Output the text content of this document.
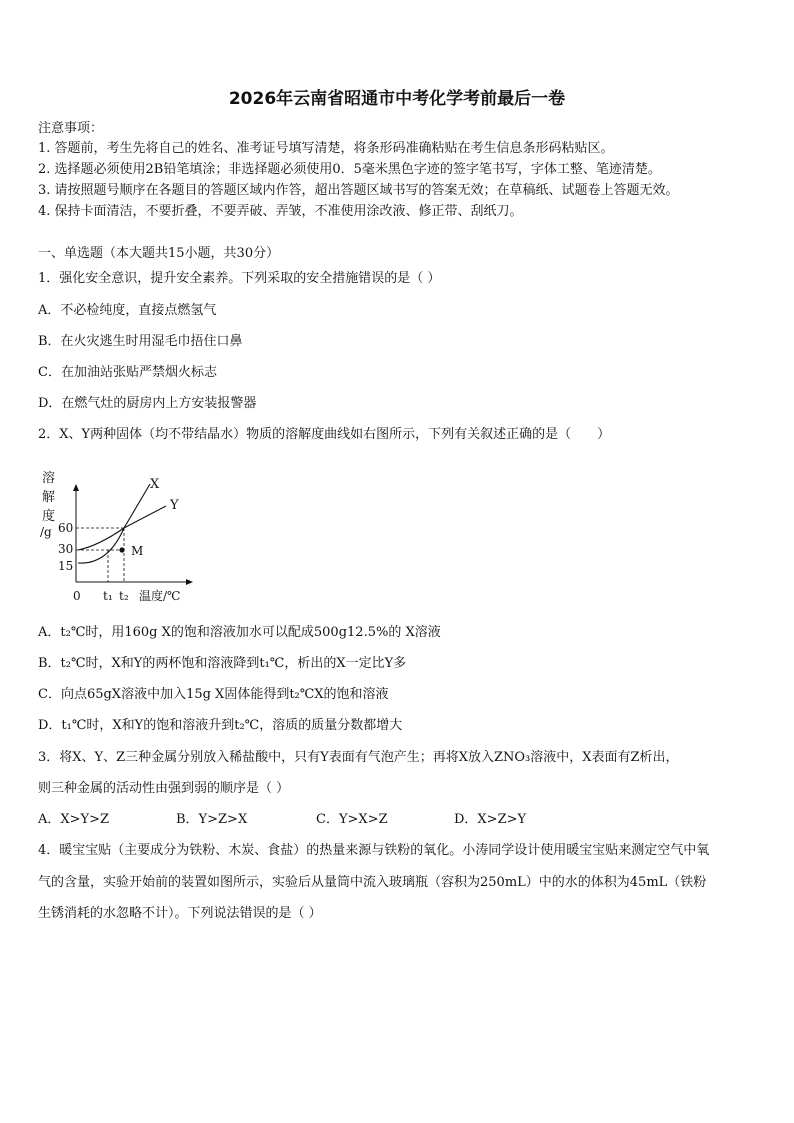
2026年云南省昭通市中考化学考前最后一卷
注意事项：
1. 答题前，考生先将自己的姓名、准考证号填写清楚，将条形码准确粘贴在考生信息条形码粘贴区。
2. 选择题必须使用2B铅笔填涂；非选择题必须使用0．5毫米黑色字迹的签字笔书写，字体工整、笔迹清楚。
3. 请按照题号顺序在各题目的答题区域内作答，超出答题区域书写的答案无效；在草稿纸、试题卷上答题无效。
4. 保持卡面清洁，不要折叠，不要弄破、弄皱，不准使用涂改液、修正带、刮纸刀。
一、单选题（本大题共15小题，共30分）
1．强化安全意识，提升安全素养。下列采取的安全措施错误的是（ ）
A．不必检纯度，直接点燃氢气
B．在火灾逃生时用湿毛巾捂住口鼻
C．在加油站张贴严禁烟火标志
D．在燃气灶的厨房内上方安装报警器
2．X、Y两种固体（均不带结晶水）物质的溶解度曲线如右图所示，下列有关叙述正确的是（　　）
溶
解
度
/g 60
30
15
M
X
Y
0 t₁ t₂ 温度/℃
A．t₂℃时，用160g X的饱和溶液加水可以配成500g12.5%的 X溶液
B．t₂℃时，X和Y的两杯饱和溶液降到t₁℃，析出的X一定比Y多
C．向点65gX溶液中加入15g X固体能得到t₂℃X的饱和溶液
D．t₁℃时，X和Y的饱和溶液升到t₂℃，溶质的质量分数都增大
3．将X、Y、Z三种金属分别放入稀盐酸中，只有Y表面有气泡产生；再将X放入ZNO₃溶液中，X表面有Z析出，
则三种金属的活动性由强到弱的顺序是（ ）
A．X>Y>Z	B．Y>Z>X	C．Y>X>Z	D．X>Z>Y
4．暖宝宝贴（主要成分为铁粉、木炭、食盐）的热量来源与铁粉的氧化。小涛同学设计使用暖宝宝贴来测定空气中氧
气的含量，实验开始前的装置如图所示，实验后从量筒中流入玻璃瓶（容积为250mL）中的水的体积为45mL（铁粉
生锈消耗的水忽略不计）。下列说法错误的是（ ）
